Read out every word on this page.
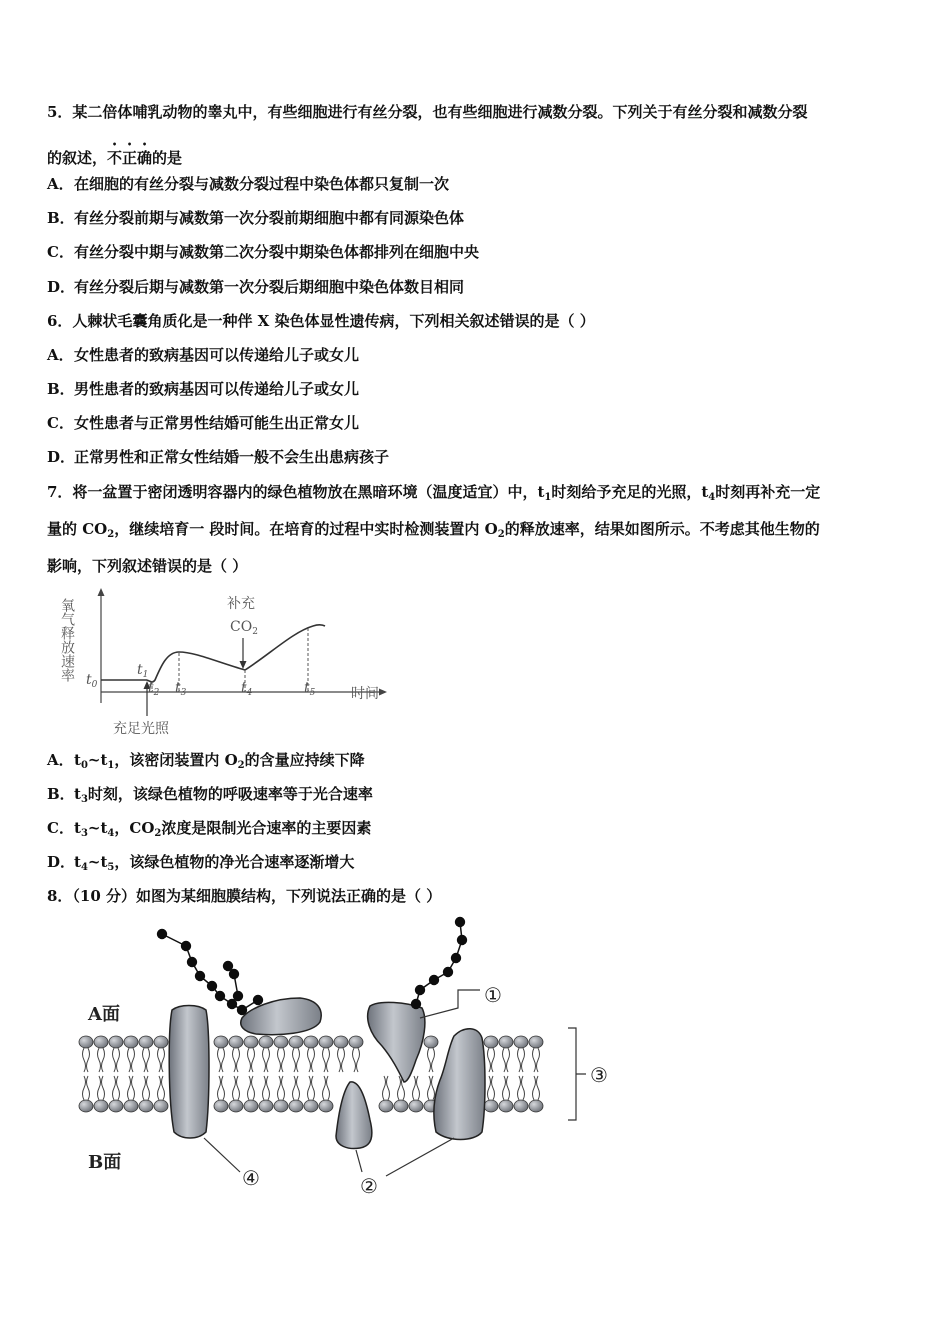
5．某二倍体哺乳动物的睾丸中，有些细胞进行有丝分裂，也有些细胞进行减数分裂。下列关于有丝分裂和减数分裂
的叙述，不正确的是
A．在细胞的有丝分裂与减数分裂过程中染色体都只复制一次
B．有丝分裂前期与减数第一次分裂前期细胞中都有同源染色体
C．有丝分裂中期与减数第二次分裂中期染色体都排列在细胞中央
D．有丝分裂后期与减数第一次分裂后期细胞中染色体数目相同
6．人棘状毛囊角质化是一种伴 X 染色体显性遗传病，下列相关叙述错误的是（ ）
A．女性患者的致病基因可以传递给儿子或女儿
B．男性患者的致病基因可以传递给儿子或女儿
C．女性患者与正常男性结婚可能生出正常女儿
D．正常男性和正常女性结婚一般不会生出患病孩子
7．将一盆置于密闭透明容器内的绿色植物放在黑暗环境（温度适宜）中，$t_1$时刻给予充足的光照，$t_4$时刻再补充一定
量的 $CO_2$，继续培育一 段时间。在培育的过程中实时检测装置内 $O_2$的释放速率，结果如图所示。不考虑其他生物的
影响，下列叙述错误的是（ ）
氧气释放速率 $t_0$
$t_1$
$t_2$ $t_3$	$t_4$	$t_5$	时间
补充
$CO_2$
充足光照
A．$t_0\sim t_1$，该密闭装置内 $O_2$的含量应持续下降
B．$t_3$时刻，该绿色植物的呼吸速率等于光合速率
C．$t_3\sim t_4$，$CO_2$浓度是限制光合速率的主要因素
D．$t_4\sim t_5$，该绿色植物的净光合速率逐渐增大
8．（10 分）如图为某细胞膜结构，下列说法正确的是（ ）
A面
B面
①
②
③
④
